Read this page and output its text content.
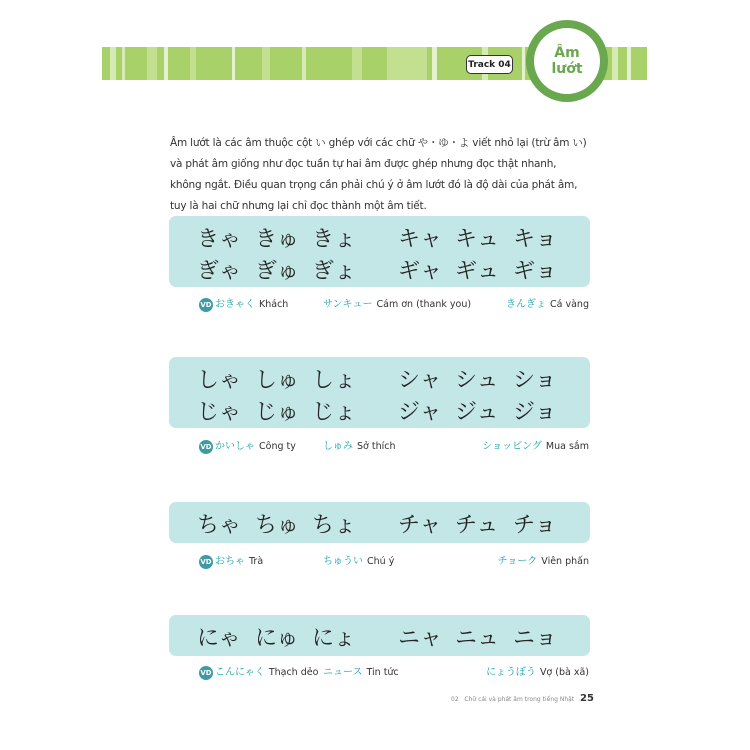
Track 04
Âm
lướt
Âm lướt là các âm thuộc cột い ghép với các chữ や・ゆ・よ viết nhỏ lại (trừ âm い) và phát âm giống như đọc tuần tự hai âm được ghép nhưng đọc thật nhanh, không ngắt. Điều quan trọng cần phải chú ý ở âm lướt đó là độ dài của phát âm, tuy là hai chữ nhưng lại chỉ đọc thành một âm tiết.
きゃ きゅ きょ キャ キュ キョ
ぎゃ ぎゅ ぎょ ギャ ギュ ギョ
VD おきゃく Khách	サンキュー Cám ơn (thank you)	きんぎょ Cá vàng
しゃ しゅ しょ シャ シュ ショ
じゃ じゅ じょ ジャ ジュ ジョ
VD かいしゃ Công ty	しゅみ Sở thích	ショッピング Mua sắm
ちゃ ちゅ ちょ チャ チュ チョ
VD おちゃ Trà	ちゅうい Chú ý	チョーク Viên phấn
にゃ にゅ にょ ニャ ニュ ニョ
VD こんにゃく Thạch dẻo ニュース Tin tức	にょうぼう Vợ (bà xã)
02 Chữ cái và phát âm trong tiếng Nhật 25
